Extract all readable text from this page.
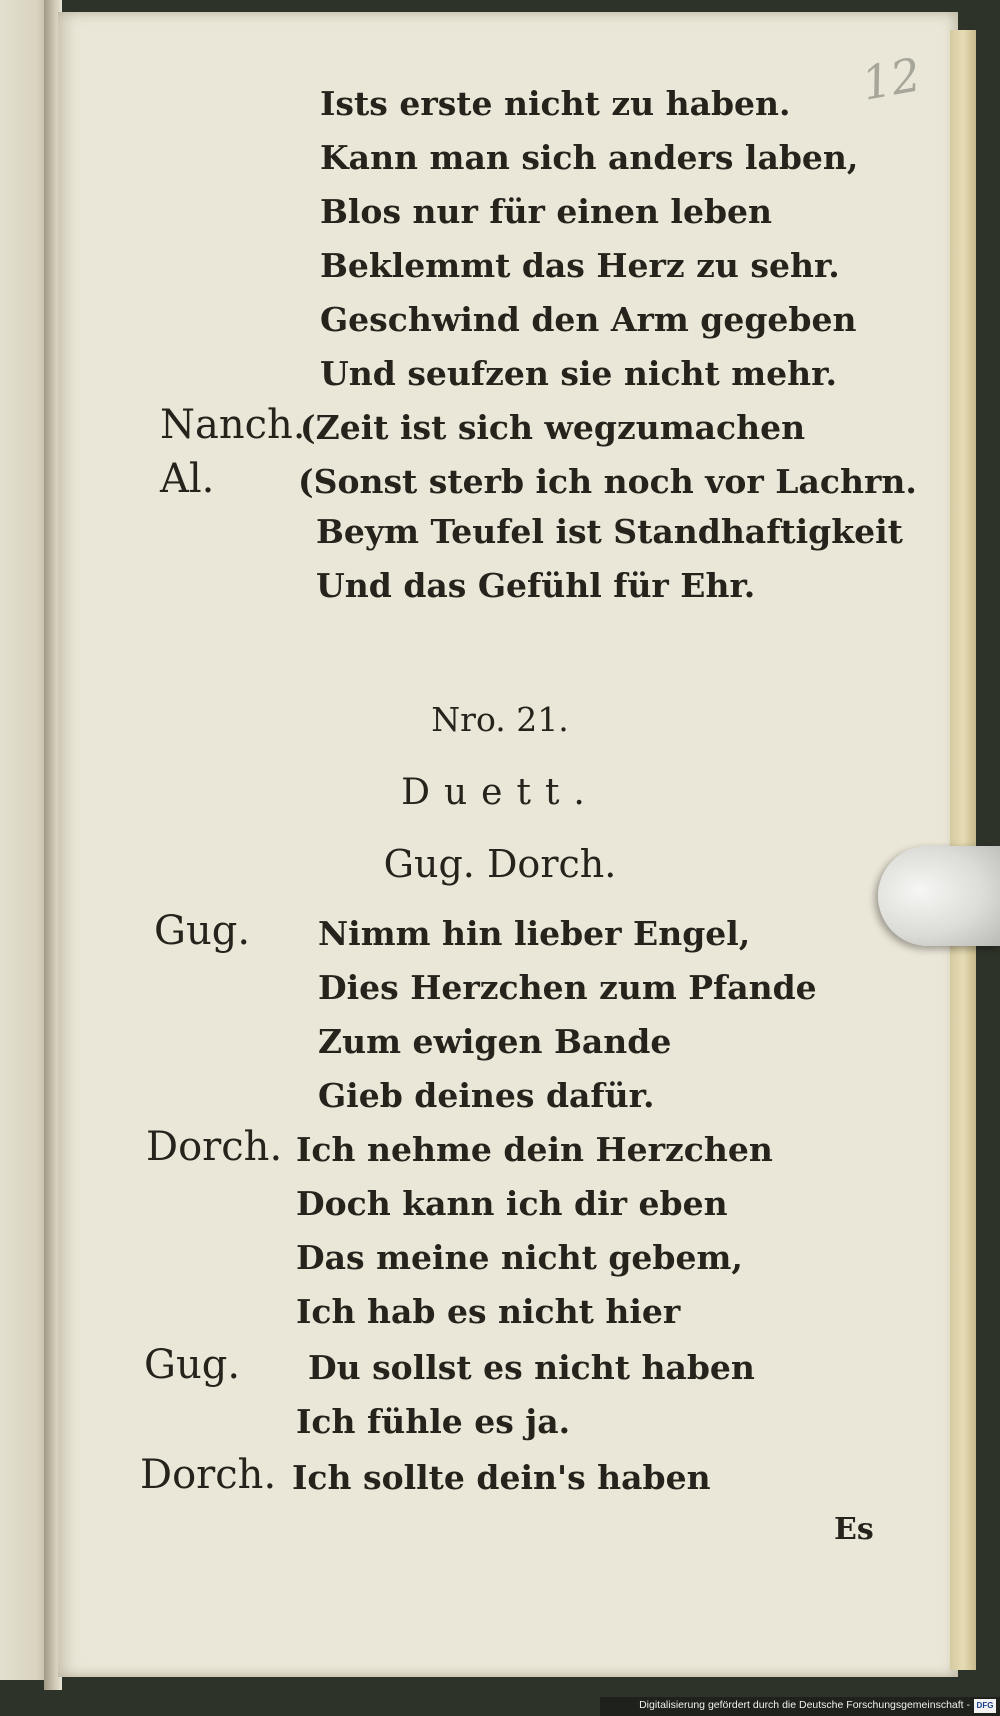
12
Ists erste nicht zu haben.
Kann man sich anders laben,
Blos nur für einen leben
Beklemmt das Herz zu sehr.
Geschwind den Arm gegeben
Und seufzen sie nicht mehr.
Nanch.
(Zeit ist sich wegzumachen
Al.	(Sonst sterb ich noch vor Lachrn.
Beym Teufel ist Standhaftigkeit
Und das Gefühl für Ehr.
Nro. 21.
Duett.
Gug. Dorch.
Gug. Nimm hin lieber Engel,
Dies Herzchen zum Pfande
Zum ewigen Bande
Gieb deines dafür.
Dorch. Ich nehme dein Herzchen
Doch kann ich dir eben
Das meine nicht gebem,
Ich hab es nicht hier
Gug. Du sollst es nicht haben
Ich fühle es ja.
Dorch. Ich sollte dein's haben
Es
Digitalisierung gefördert durch die Deutsche Forschungsgemeinschaft - DFG
